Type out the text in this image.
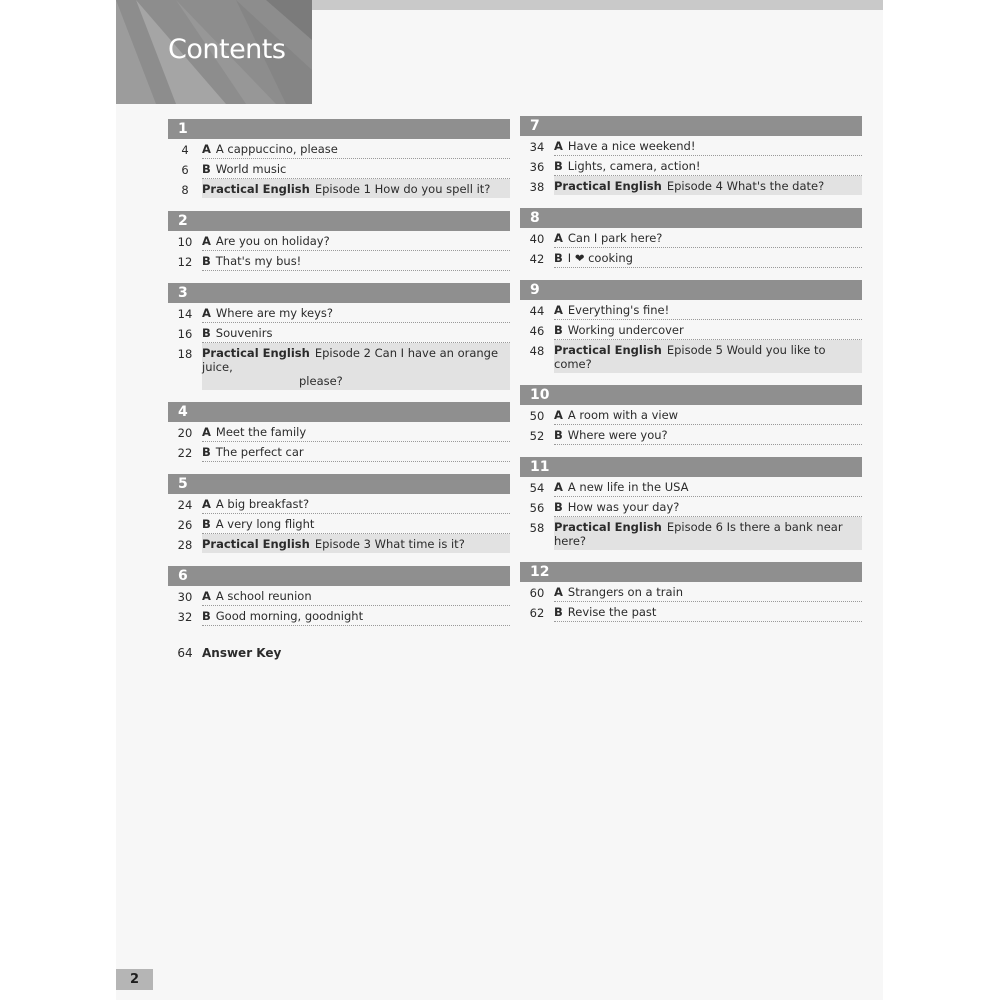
Contents
1
4	A A cappuccino, please
6	B World music
8	Practical English Episode 1 How do you spell it?
2
10 A Are you on holiday?
12 B That's my bus!
3
14 A Where are my keys?
16 B Souvenirs
18 Practical English Episode 2 Can I have an orange juice,
please?
4
20 A Meet the family
22 B The perfect car
5
24 A A big breakfast?
26 B A very long flight
28 Practical English Episode 3 What time is it?
6
30 A A school reunion
32 B Good morning, goodnight
7
34 A Have a nice weekend!
36 B Lights, camera, action!
38 Practical English Episode 4 What's the date?
8
40 A Can I park here?
42 B I ❤ cooking
9
44 A Everything's fine!
46 B Working undercover
48 Practical English Episode 5 Would you like to come?
10
50 A A room with a view
52 B Where were you?
11
54 A A new life in the USA
56 B How was your day?
58 Practical English Episode 6 Is there a bank near here?
12
60 A Strangers on a train
62 B Revise the past
64 Answer Key
2
